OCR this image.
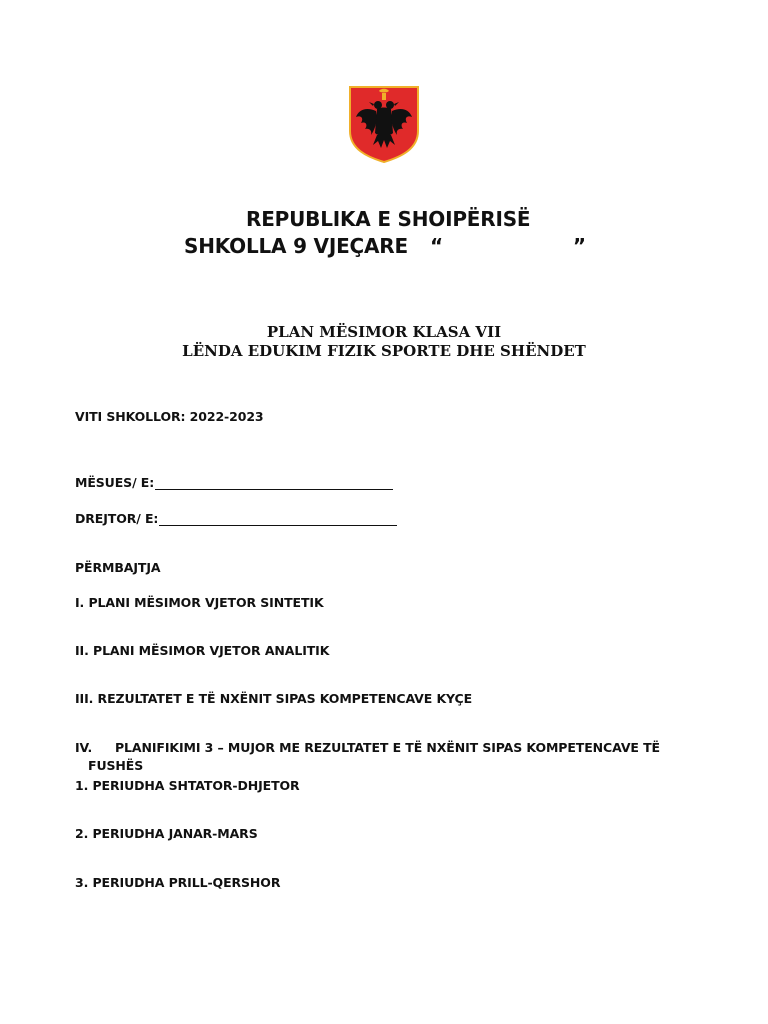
REPUBLIKA E SHOIPËRISË
SHKOLLA 9 VJEÇARE “	”
PLAN MËSIMOR KLASA VII
LËNDA EDUKIM FIZIK SPORTE DHE SHËNDET
VITI SHKOLLOR: 2022-2023
MËSUES/ E:
DREJTOR/ E:
PËRMBAJTJA
I. PLANI MËSIMOR VJETOR SINTETIK
II. PLANI MËSIMOR VJETOR ANALITIK
III. REZULTATET E TË NXËNIT SIPAS KOMPETENCAVE KYÇE
IV. PLANIFIKIMI 3 – MUJOR ME REZULTATET E TË NXËNIT SIPAS KOMPETENCAVE TË
FUSHËS
1. PERIUDHA SHTATOR-DHJETOR
2. PERIUDHA JANAR-MARS
3. PERIUDHA PRILL-QERSHOR
